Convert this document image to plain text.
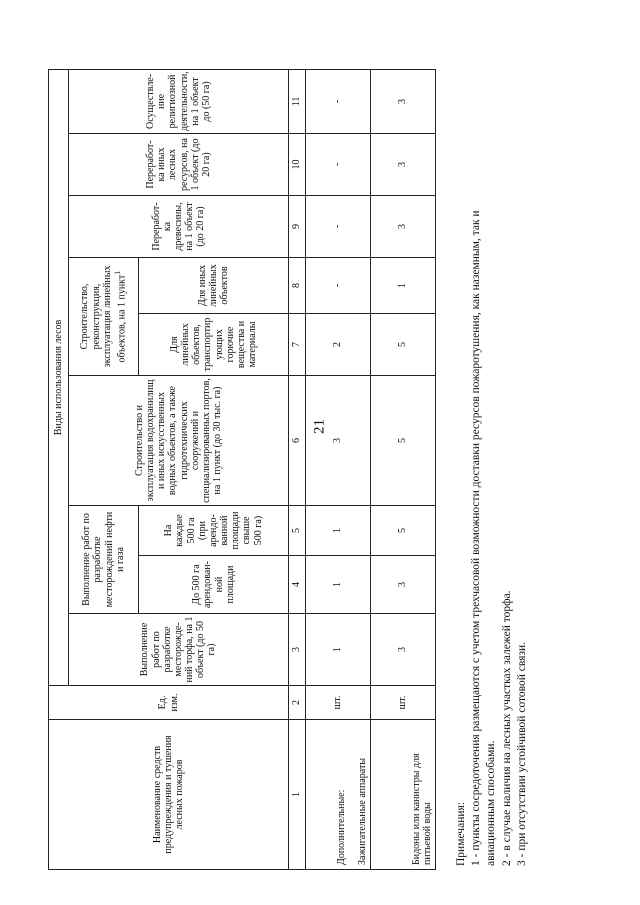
21
Наименование средств предупреждения и тушения лесных пожаров	Ед. изм.	Виды использования лесов								
		Выполнение работ по разработке месторожде-ний торфа, на 1 объект (до 50 га)	Выполнение работ по разработке месторождений нефти и газа		Строительство и эксплуатация водохранилищ и иных искусственных водных объектов, а также гидротехнических сооружений и специализированных портов, на 1 пункт (до 30 тыс. га)	Строительство, реконструкция, эксплуатация линейных объектов, на 1 пункт$^1$		Переработ-ка древесины, на 1 объект (до 20 га)	Переработ-ка иных лесных ресурсов, на 1 объект (до 20 га)	Осуществле-ние религиозной деятельности, на 1 объект до (50 га)
			До 500 га арендован-ной площади	На каждые 500 га (при арендо-ванной площади свыше 500 га)		Для линейных объектов, транспортир ующих горючие вещества и материалы	Для иных линейных объектов			
1	2	3	4	5	6	7	8	9	10	11

Дополнительные: Зажигательные аппараты	шт.	1	1	1	3	2	-	-	-	-

Бидоны или канистры для питьевой воды	шт.	3	3	5	5	5	1	3	3	3

Примечания: 1 - пункты сосредоточения размещаются с учетом трехчасовой возможности доставки ресурсов пожаротушения, как наземным, так и авиационным способами. 2 - в случае наличия на лесных участках залежей торфа. 3 - при отсутствии устойчивой сотовой связи.
